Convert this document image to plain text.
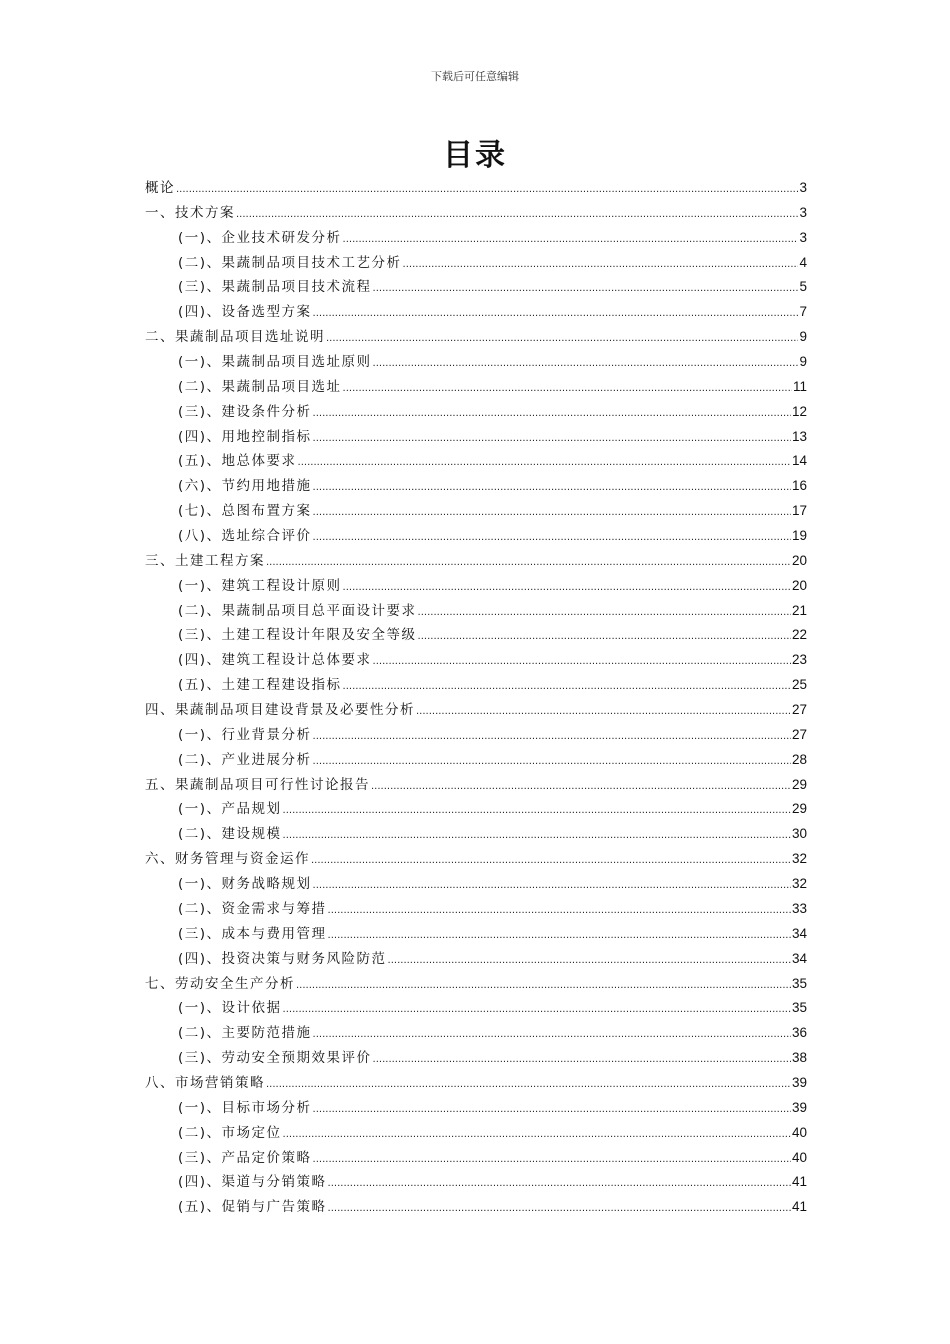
下载后可任意编辑
目录
概论 .....	3
一、技术方案 .....	3
(一)、企业技术研发分析 .....	3
(二)、果蔬制品项目技术工艺分析 .....	4
(三)、果蔬制品项目技术流程 .....	5
(四)、设备选型方案 .....	7
二、果蔬制品项目选址说明 .....	9
(一)、果蔬制品项目选址原则 .....	9
(二)、果蔬制品项目选址 .....	11
(三)、建设条件分析 .....	12
(四)、用地控制指标 .....	13
(五)、地总体要求 .....	14
(六)、节约用地措施 .....	16
(七)、总图布置方案 .....	17
(八)、选址综合评价 .....	19
三、土建工程方案 .....	20
(一)、建筑工程设计原则 .....	20
(二)、果蔬制品项目总平面设计要求 .....	21
(三)、土建工程设计年限及安全等级 .....	22
(四)、建筑工程设计总体要求 .....	23
(五)、土建工程建设指标 .....	25
四、果蔬制品项目建设背景及必要性分析 .....	27
(一)、行业背景分析 .....	27
(二)、产业进展分析 .....	28
五、果蔬制品项目可行性讨论报告 .....	29
(一)、产品规划 .....	29
(二)、建设规模 .....	30
六、财务管理与资金运作 .....	32
(一)、财务战略规划 .....	32
(二)、资金需求与筹措 .....	33
(三)、成本与费用管理 .....	34
(四)、投资决策与财务风险防范 .....	34
七、劳动安全生产分析 .....	35
(一)、设计依据 .....	35
(二)、主要防范措施 .....	36
(三)、劳动安全预期效果评价 .....	38
八、市场营销策略 .....	39
(一)、目标市场分析 .....	39
(二)、市场定位 .....	40
(三)、产品定价策略 .....	40
(四)、渠道与分销策略 .....	41
(五)、促销与广告策略 .....	41
